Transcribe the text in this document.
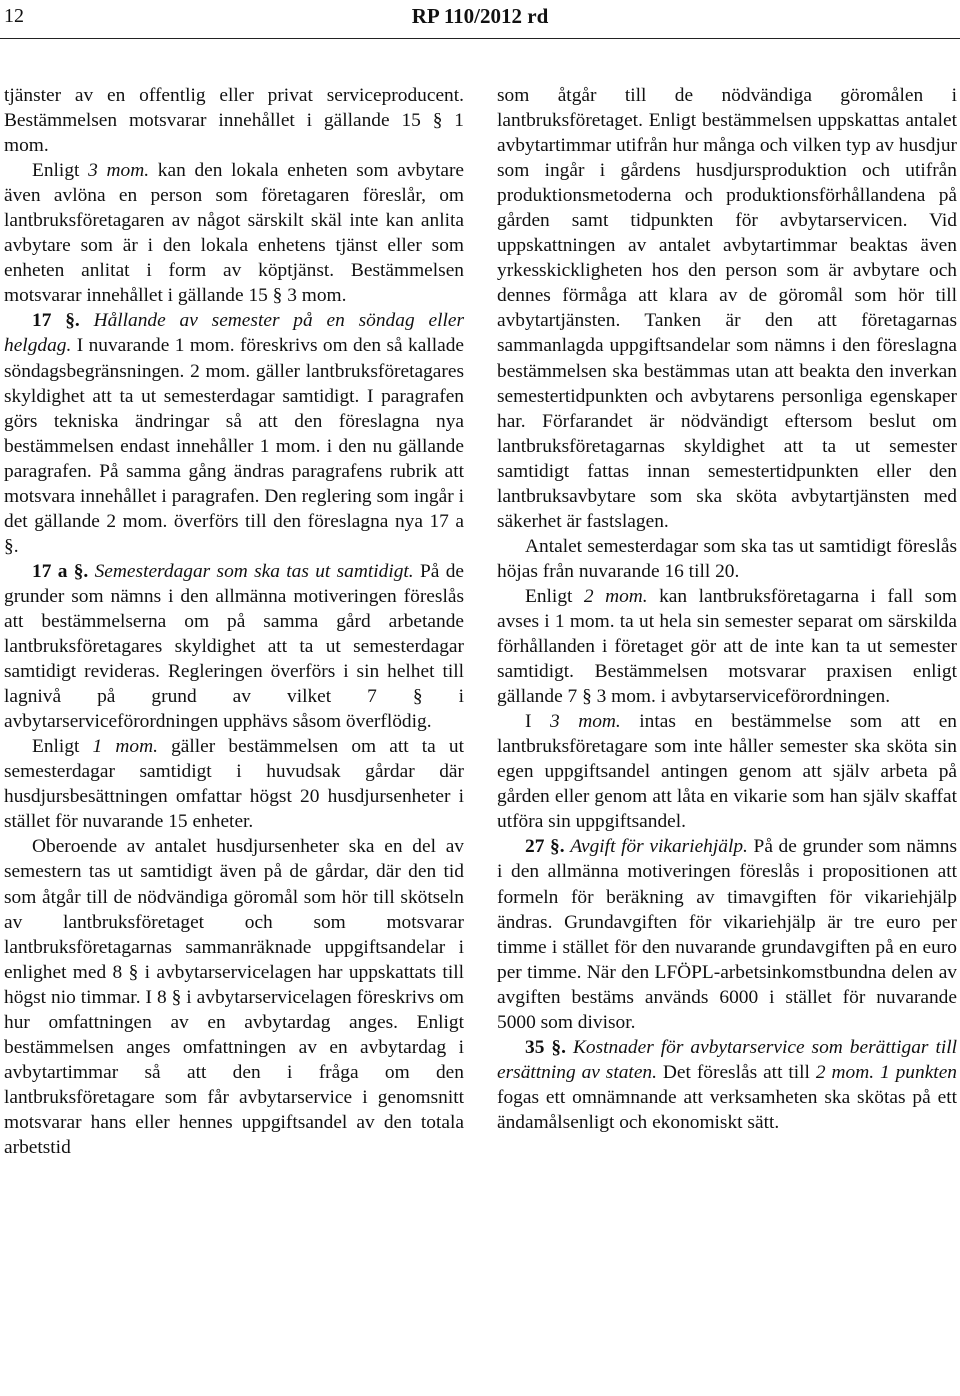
12	RP 110/2012 rd

tjänster av en offentlig eller privat serviceproducent. Bestämmelsen motsvarar innehållet i gällande 15 § 1 mom.

Enligt 3 mom. kan den lokala enheten som avbytare även avlöna en person som företagaren föreslår, om lantbruksföretagaren av något särskilt skäl inte kan anlita avbytare som är i den lokala enhetens tjänst eller som enheten anlitat i form av köptjänst. Bestämmelsen motsvarar innehållet i gällande 15 § 3 mom.

17 §. Hållande av semester på en söndag eller helgdag. I nuvarande 1 mom. föreskrivs om den så kallade söndagsbegränsningen. 2 mom. gäller lantbruksföretagares skyldighet att ta ut semesterdagar samtidigt. I paragrafen görs tekniska ändringar så att den föreslagna nya bestämmelsen endast innehåller 1 mom. i den nu gällande paragrafen. På samma gång ändras paragrafens rubrik att motsvara innehållet i paragrafen. Den reglering som ingår i det gällande 2 mom. överförs till den föreslagna nya 17 a §.

17 a §. Semesterdagar som ska tas ut samtidigt. På de grunder som nämns i den allmänna motiveringen föreslås att bestämmelserna om på samma gård arbetande lantbruksföretagares skyldighet att ta ut semesterdagar samtidigt revideras. Regleringen överförs i sin helhet till lagnivå på grund av vilket 7 § i avbytarserviceförordningen upphävs såsom överflödig.

Enligt 1 mom. gäller bestämmelsen om att ta ut semesterdagar samtidigt i huvudsak gårdar där husdjursbesättningen omfattar högst 20 husdjursenheter i stället för nuvarande 15 enheter.

Oberoende av antalet husdjursenheter ska en del av semestern tas ut samtidigt även på de gårdar, där den tid som åtgår till de nödvändiga göromål som hör till skötseln av lantbruksföretaget och som motsvarar lantbruksföretagarnas sammanräknade uppgiftsandelar i enlighet med 8 § i avbytarservicelagen har uppskattats till högst nio timmar. I 8 § i avbytarservicelagen föreskrivs om hur omfattningen av en avbytardag anges. Enligt bestämmelsen anges omfattningen av en avbytardag i avbytartimmar så att den i fråga om den lantbruksföretagare som får avbytarservice i genomsnitt motsvarar hans eller hennes uppgiftsandel av den totala arbetstid

som åtgår till de nödvändiga göromålen i lantbruksföretaget. Enligt bestämmelsen uppskattas antalet avbytartimmar utifrån hur många och vilken typ av husdjur som ingår i gårdens husdjursproduktion och utifrån produktionsmetoderna och produktionsförhållandena på gården samt tidpunkten för avbytarservicen. Vid uppskattningen av antalet avbytartimmar beaktas även yrkesskickligheten hos den person som är avbytare och dennes förmåga att klara av de göromål som hör till avbytartjänsten. Tanken är den att företagarnas sammanlagda uppgiftsandelar som nämns i den föreslagna bestämmelsen ska bestämmas utan att beakta den inverkan semestertidpunkten och avbytarens personliga egenskaper har. Förfarandet är nödvändigt eftersom beslut om lantbruksföretagarnas skyldighet att ta ut semester samtidigt fattas innan semestertidpunkten eller den lantbruksavbytare som ska sköta avbytartjänsten med säkerhet är fastslagen.

Antalet semesterdagar som ska tas ut samtidigt föreslås höjas från nuvarande 16 till 20.

Enligt 2 mom. kan lantbruksföretagarna i fall som avses i 1 mom. ta ut hela sin semester separat om särskilda förhållanden i företaget gör att de inte kan ta ut semester samtidigt. Bestämmelsen motsvarar praxisen enligt gällande 7 § 3 mom. i avbytarserviceförordningen.

I 3 mom. intas en bestämmelse som att en lantbruksföretagare som inte håller semester ska sköta sin egen uppgiftsandel antingen genom att själv arbeta på gården eller genom att låta en vikarie som han själv skaffat utföra sin uppgiftsandel.

27 §. Avgift för vikariehjälp. På de grunder som nämns i den allmänna motiveringen föreslås i propositionen att formeln för beräkning av timavgiften för vikariehjälp ändras. Grundavgiften för vikariehjälp är tre euro per timme i stället för den nuvarande grundavgiften på en euro per timme. När den LFÖPL-arbetsinkomstbundna delen av avgiften bestäms används 6000 i stället för nuvarande 5000 som divisor.

35 §. Kostnader för avbytarservice som berättigar till ersättning av staten. Det föreslås att till 2 mom. 1 punkten fogas ett omnämnande att verksamheten ska skötas på ett ändamålsenligt och ekonomiskt sätt.
